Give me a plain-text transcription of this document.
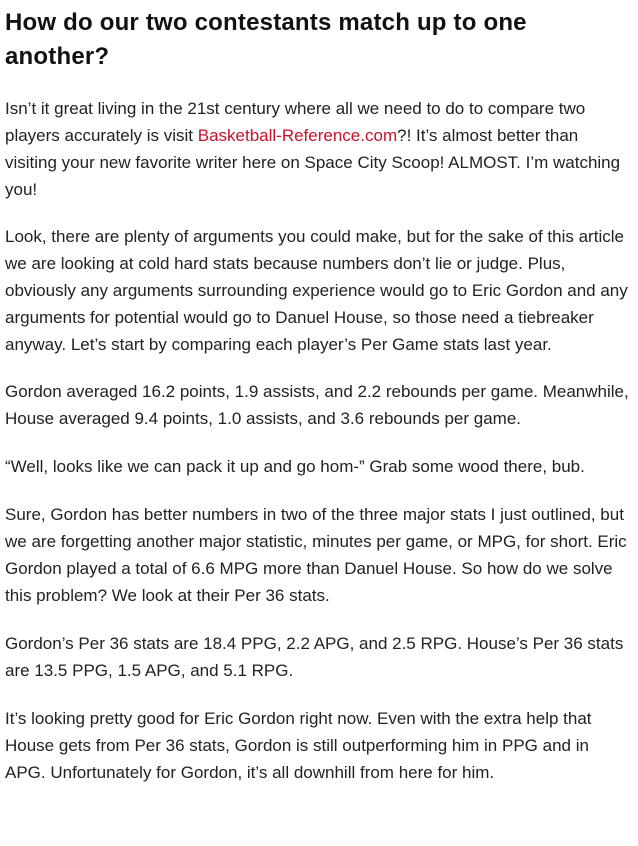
How do our two contestants match up to one another?

Isn’t it great living in the 21st century where all we need to do to compare two players accurately is visit Basketball-Reference.com?! It’s almost better than visiting your new favorite writer here on Space City Scoop! ALMOST. I’m watching you!

Look, there are plenty of arguments you could make, but for the sake of this article we are looking at cold hard stats because numbers don’t lie or judge. Plus, obviously any arguments surrounding experience would go to Eric Gordon and any arguments for potential would go to Danuel House, so those need a tiebreaker anyway. Let’s start by comparing each player’s Per Game stats last year.

Gordon averaged 16.2 points, 1.9 assists, and 2.2 rebounds per game. Meanwhile, House averaged 9.4 points, 1.0 assists, and 3.6 rebounds per game.

“Well, looks like we can pack it up and go hom-” Grab some wood there, bub.

Sure, Gordon has better numbers in two of the three major stats I just outlined, but we are forgetting another major statistic, minutes per game, or MPG, for short. Eric Gordon played a total of 6.6 MPG more than Danuel House. So how do we solve this problem? We look at their Per 36 stats.

Gordon’s Per 36 stats are 18.4 PPG, 2.2 APG, and 2.5 RPG. House’s Per 36 stats are 13.5 PPG, 1.5 APG, and 5.1 RPG.

It’s looking pretty good for Eric Gordon right now. Even with the extra help that House gets from Per 36 stats, Gordon is still outperforming him in PPG and in APG. Unfortunately for Gordon, it’s all downhill from here for him.
